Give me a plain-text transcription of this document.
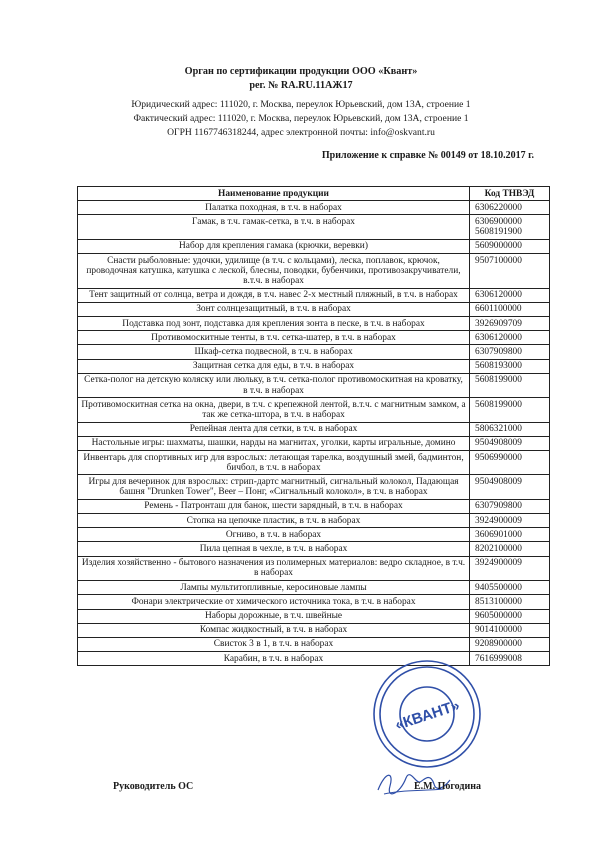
Орган по сертификации продукции ООО «Квант»
рег. № RA.RU.11АЖ17
Юридический адрес: 111020, г. Москва, переулок Юрьевский, дом 13А, строение 1
Фактический адрес: 111020, г. Москва, переулок Юрьевский, дом 13А, строение 1
ОГРН 1167746318244, адрес электронной почты: info@oskvant.ru
Приложение к справке № 00149 от 18.10.2017 г.
Наименование продукции	Код ТНВЭД
Палатка походная, в т.ч. в наборах	6306220000
Гамак, в т.ч. гамак-сетка, в т.ч. в наборах	6306900000
5608191900
Набор для крепления гамака (крючки, веревки)	5609000000
Снасти рыболовные: удочки, удилище (в т.ч. с кольцами), леска, поплавок, крючок, проводочная катушка, катушка с леской, блесны, поводки, бубенчики, противозакручиватели, в.т.ч. в наборах	9507100000
Тент защитный от солнца, ветра и дождя, в т.ч. навес 2-х местный пляжный, в т.ч. в наборах	6306120000
Зонт солнцезащитный, в т.ч. в наборах	6601100000
Подставка под зонт, подставка для крепления зонта в песке, в т.ч. в наборах	3926909709
Противомоскитные тенты, в т.ч. сетка-шатер, в т.ч. в наборах	6306120000
Шкаф-сетка подвесной, в т.ч. в наборах	6307909800
Защитная сетка для еды, в т.ч. в наборах	5608193000
Сетка-полог на детскую коляску или люльку, в т.ч. сетка-полог противомоскитная на кроватку, в т.ч. в наборах	5608199000
Противомоскитная сетка на окна, двери, в т.ч. с крепежной лентой, в.т.ч. с магнитным замком, а так же сетка-штора, в т.ч. в наборах	5608199000
Репейная лента для сетки, в т.ч. в наборах	5806321000
Настольные игры: шахматы, шашки, нарды на магнитах, уголки, карты игральные, домино	9504908009
Инвентарь для спортивных игр для взрослых: летающая тарелка, воздушный змей, бадминтон, бичбол, в т.ч. в наборах	9506990000
Игры для вечеринок для взрослых: стрип-дартс магнитный, сигнальный колокол, Падающая башня "Drunken Tower", Beer – Понг, «Сигнальный колокол», в т.ч. в наборах	9504908009
Ремень - Патронташ для банок, шести зарядный, в т.ч. в наборах	6307909800
Стопка на цепочке пластик, в т.ч. в наборах	3924900009
Огниво, в т.ч. в наборах	3606901000
Пила цепная в чехле, в т.ч. в наборах	8202100000
Изделия хозяйственно - бытового назначения из полимерных материалов: ведро складное, в т.ч. в наборах	3924900009
Лампы мультитопливные, керосиновые лампы	9405500000
Фонари электрические от химического источника тока, в т.ч. в наборах	8513100000
Наборы дорожные, в т.ч. швейные	9605000000
Компас жидкостный, в т.ч. в наборах	9014100000
Свисток 3 в 1, в т.ч. в наборах	9208900000
Карабин, в т.ч. в наборах	7616999008
«КВАНТ»
Руководитель ОС	Е.М. Погодина
